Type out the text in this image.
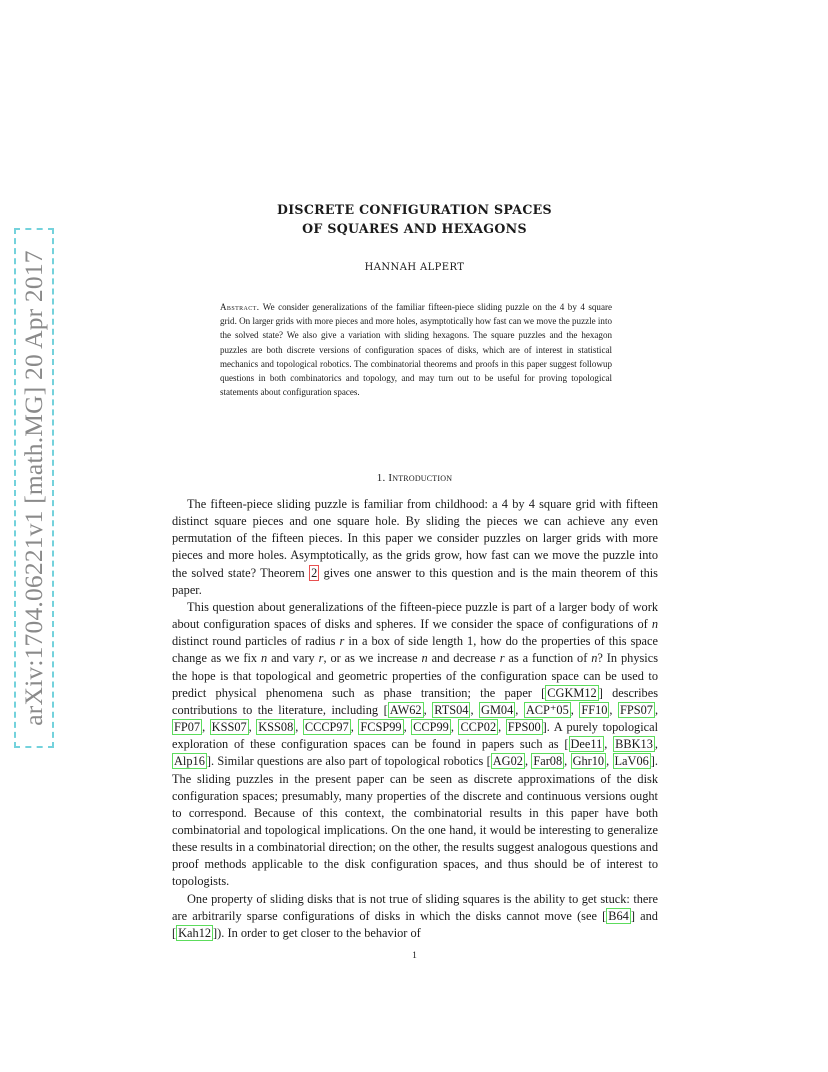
arXiv:1704.06221v1 [math.MG] 20 Apr 2017
DISCRETE CONFIGURATION SPACES
OF SQUARES AND HEXAGONS
HANNAH ALPERT
Abstract. We consider generalizations of the familiar fifteen-piece sliding puzzle on the 4 by 4 square grid. On larger grids with more pieces and more holes, asymptotically how fast can we move the puzzle into the solved state? We also give a variation with sliding hexagons. The square puzzles and the hexagon puzzles are both discrete versions of configuration spaces of disks, which are of interest in statistical mechanics and topological robotics. The combinatorial theorems and proofs in this paper suggest followup questions in both combinatorics and topology, and may turn out to be useful for proving topological statements about configuration spaces.
1. Introduction

The fifteen-piece sliding puzzle is familiar from childhood: a 4 by 4 square grid with fifteen distinct square pieces and one square hole. By sliding the pieces we can achieve any even permutation of the fifteen pieces. In this paper we consider puzzles on larger grids with more pieces and more holes. Asymptotically, as the grids grow, how fast can we move the puzzle into the solved state? Theorem 2 gives one answer to this question and is the main theorem of this paper.

This question about generalizations of the fifteen-piece puzzle is part of a larger body of work about configuration spaces of disks and spheres. If we consider the space of configurations of n distinct round particles of radius r in a box of side length 1, how do the properties of this space change as we fix n and vary r, or as we increase n and decrease r as a function of n? In physics the hope is that topological and geometric properties of the configuration space can be used to predict physical phenomena such as phase transition; the paper [ CGKM12 ] describes contributions to the literature, including [ AW62 , RTS04 , GM04 , ACP⁺05 , FF10 , FPS07 , FP07 , KSS07 , KSS08 , CCCP97 , FCSP99 , CCP99 , CCP02 , FPS00 ]. A purely topological exploration of these configuration spaces can be found in papers such as [ Dee11 , BBK13 , Alp16 ]. Similar questions are also part of topological robotics [ AG02 , Far08 , Ghr10 , LaV06 ]. The sliding puzzles in the present paper can be seen as discrete approximations of the disk configuration spaces; presumably, many properties of the discrete and continuous versions ought to correspond. Because of this context, the combinatorial results in this paper have both combinatorial and topological implications. On the one hand, it would be interesting to generalize these results in a combinatorial direction; on the other, the results suggest analogous questions and proof methods applicable to the disk configuration spaces, and thus should be of interest to topologists.

One property of sliding disks that is not true of sliding squares is the ability to get stuck: there are arbitrarily sparse configurations of disks in which the disks cannot move (see [ B64 ] and [ Kah12 ]). In order to get closer to the behavior of

1
